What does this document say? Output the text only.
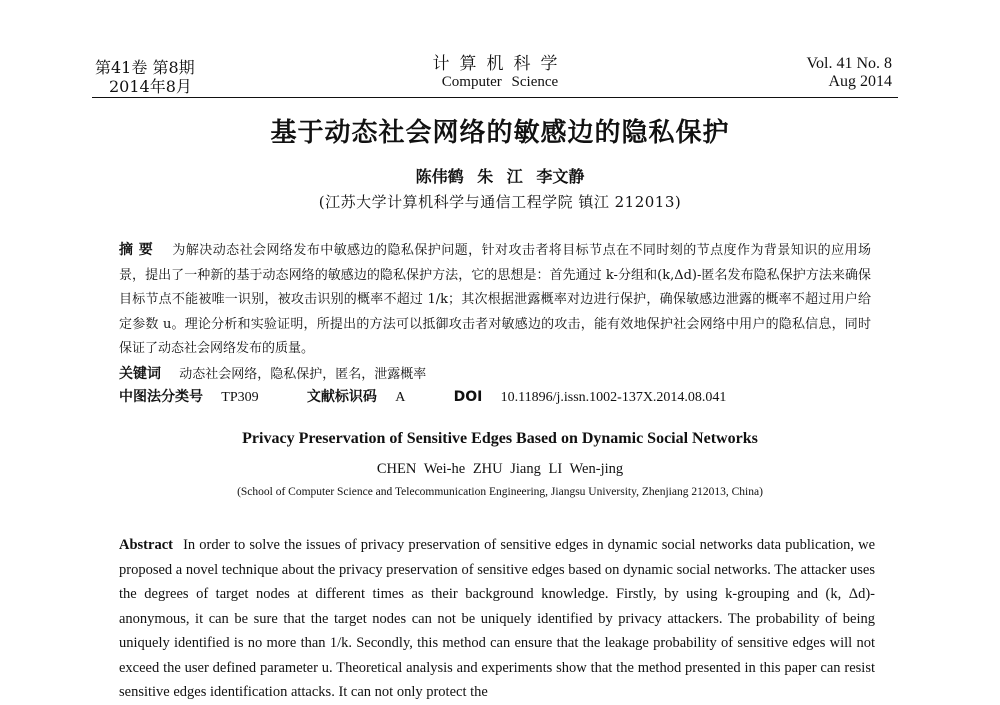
第41卷 第8期
2014年8月
计算机科学
Computer Science
Vol. 41 No. 8
Aug 2014
基于动态社会网络的敏感边的隐私保护
陈伟鹤 朱 江 李文静
(江苏大学计算机科学与通信工程学院 镇江 212013)
摘 要 为解决动态社会网络发布中敏感边的隐私保护问题，针对攻击者将目标节点在不同时刻的节点度作为背景知识的应用场景，提出了一种新的基于动态网络的敏感边的隐私保护方法，它的思想是：首先通过 k-分组和(k,Δd)-匿名发布隐私保护方法来确保目标节点不能被唯一识别，被攻击识别的概率不超过 1/k；其次根据泄露概率对边进行保护，确保敏感边泄露的概率不超过用户给定参数 u。理论分析和实验证明，所提出的方法可以抵御攻击者对敏感边的攻击，能有效地保护社会网络中用户的隐私信息，同时保证了动态社会网络发布的质量。
关键词 动态社会网络，隐私保护，匿名，泄露概率
中图法分类号 TP309	文献标识码 A	DOI 10.11896/j.issn.1002-137X.2014.08.041
Privacy Preservation of Sensitive Edges Based on Dynamic Social Networks
CHEN Wei-he ZHU Jiang LI Wen-jing
(School of Computer Science and Telecommunication Engineering, Jiangsu University, Zhenjiang 212013, China)
Abstract In order to solve the issues of privacy preservation of sensitive edges in dynamic social networks data publication, we proposed a novel technique about the privacy preservation of sensitive edges based on dynamic social networks. The attacker uses the degrees of target nodes at different times as their background knowledge. Firstly, by using k-grouping and (k, Δd)-anonymous, it can be sure that the target nodes can not be uniquely identified by privacy attackers. The probability of being uniquely identified is no more than 1/k. Secondly, this method can ensure that the leakage probability of sensitive edges will not exceed the user defined parameter u. Theoretical analysis and experiments show that the method presented in this paper can resist sensitive edges identification attacks. It can not only protect the
